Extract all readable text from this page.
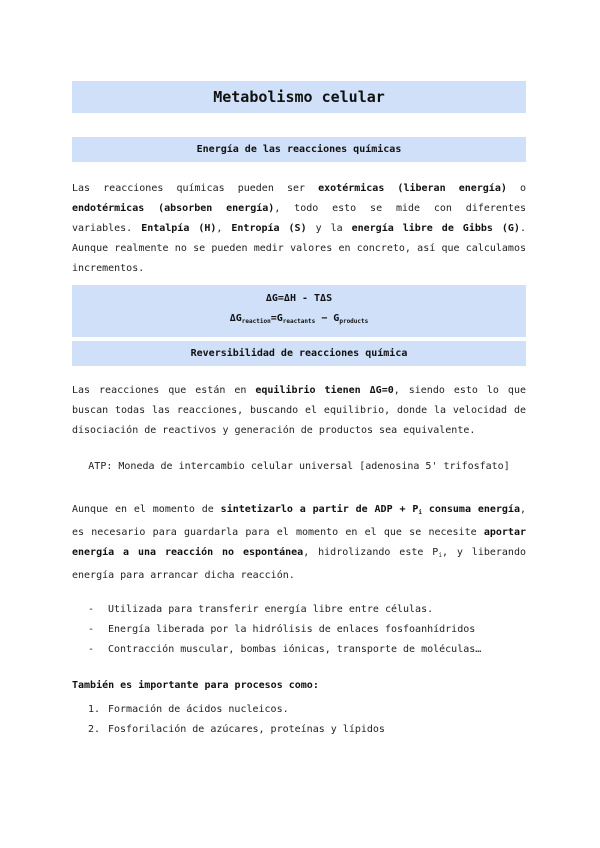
Metabolismo celular
Energía de las reacciones químicas
Las reacciones químicas pueden ser exotérmicas (liberan energía) o endotérmicas (absorben energía), todo esto se mide con diferentes variables. Entalpía (H), Entropía (S) y la energía libre de Gibbs (G). Aunque realmente no se pueden medir valores en concreto, así que calculamos incrementos.
ΔG=ΔH - TΔS
$\Delta G_{reaction}=G_{reactants} - G_{products}$
Reversibilidad de reacciones química
Las reacciones que están en equilibrio tienen ΔG=0, siendo esto lo que buscan todas las reacciones, buscando el equilibrio, donde la velocidad de disociación de reactivos y generación de productos sea equivalente.
ATP: Moneda de intercambio celular universal [adenosina 5' trifosfato]
Aunque en el momento de sintetizarlo a partir de ADP + $P_i$ consuma energía, es necesario para guardarla para el momento en el que se necesite aportar energía a una reacción no espontánea, hidrolizando este $P_i$, y liberando energía para arrancar dicha reacción.
-	Utilizada para transferir energía libre entre células.
-	Energía liberada por la hidrólisis de enlaces fosfoanhídridos
-	Contracción muscular, bombas iónicas, transporte de moléculas…
También es importante para procesos como:
1. Formación de ácidos nucleicos.
2. Fosforilación de azúcares, proteínas y lípidos
